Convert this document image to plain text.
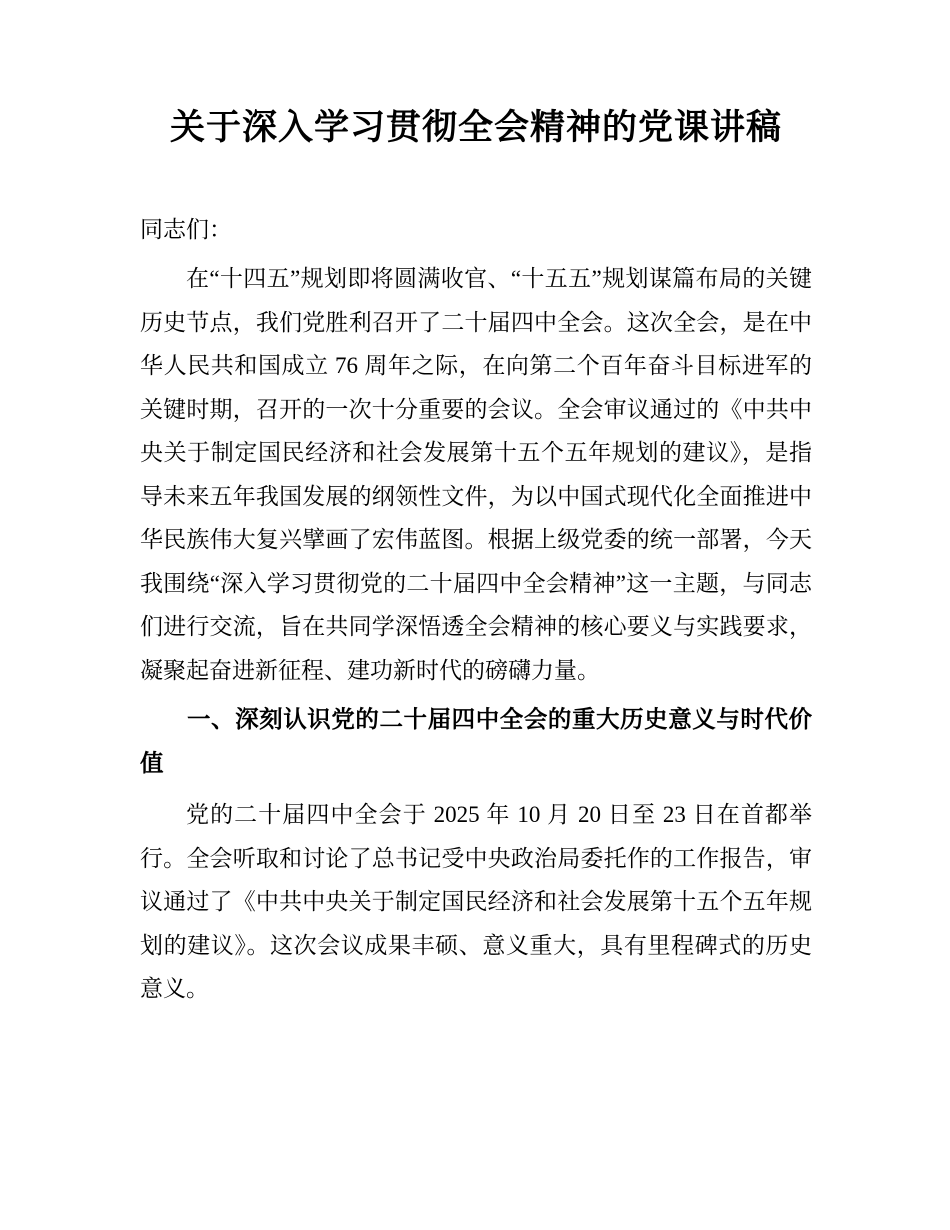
关于深入学习贯彻全会精神的党课讲稿

同志们：

在“十四五”规划即将圆满收官、“十五五”规划谋篇布局的关键历史节点，我们党胜利召开了二十届四中全会。这次全会，是在中华人民共和国成立 76 周年之际，在向第二个百年奋斗目标进军的关键时期，召开的一次十分重要的会议。全会审议通过的《中共中央关于制定国民经济和社会发展第十五个五年规划的建议》，是指导未来五年我国发展的纲领性文件，为以中国式现代化全面推进中华民族伟大复兴擘画了宏伟蓝图。根据上级党委的统一部署，今天我围绕“深入学习贯彻党的二十届四中全会精神”这一主题，与同志们进行交流，旨在共同学深悟透全会精神的核心要义与实践要求，凝聚起奋进新征程、建功新时代的磅礴力量。

一、深刻认识党的二十届四中全会的重大历史意义与时代价值

党的二十届四中全会于 2025 年 10 月 20 日至 23 日在首都举行。全会听取和讨论了总书记受中央政治局委托作的工作报告，审议通过了《中共中央关于制定国民经济和社会发展第十五个五年规划的建议》。这次会议成果丰硕、意义重大，具有里程碑式的历史意义。
